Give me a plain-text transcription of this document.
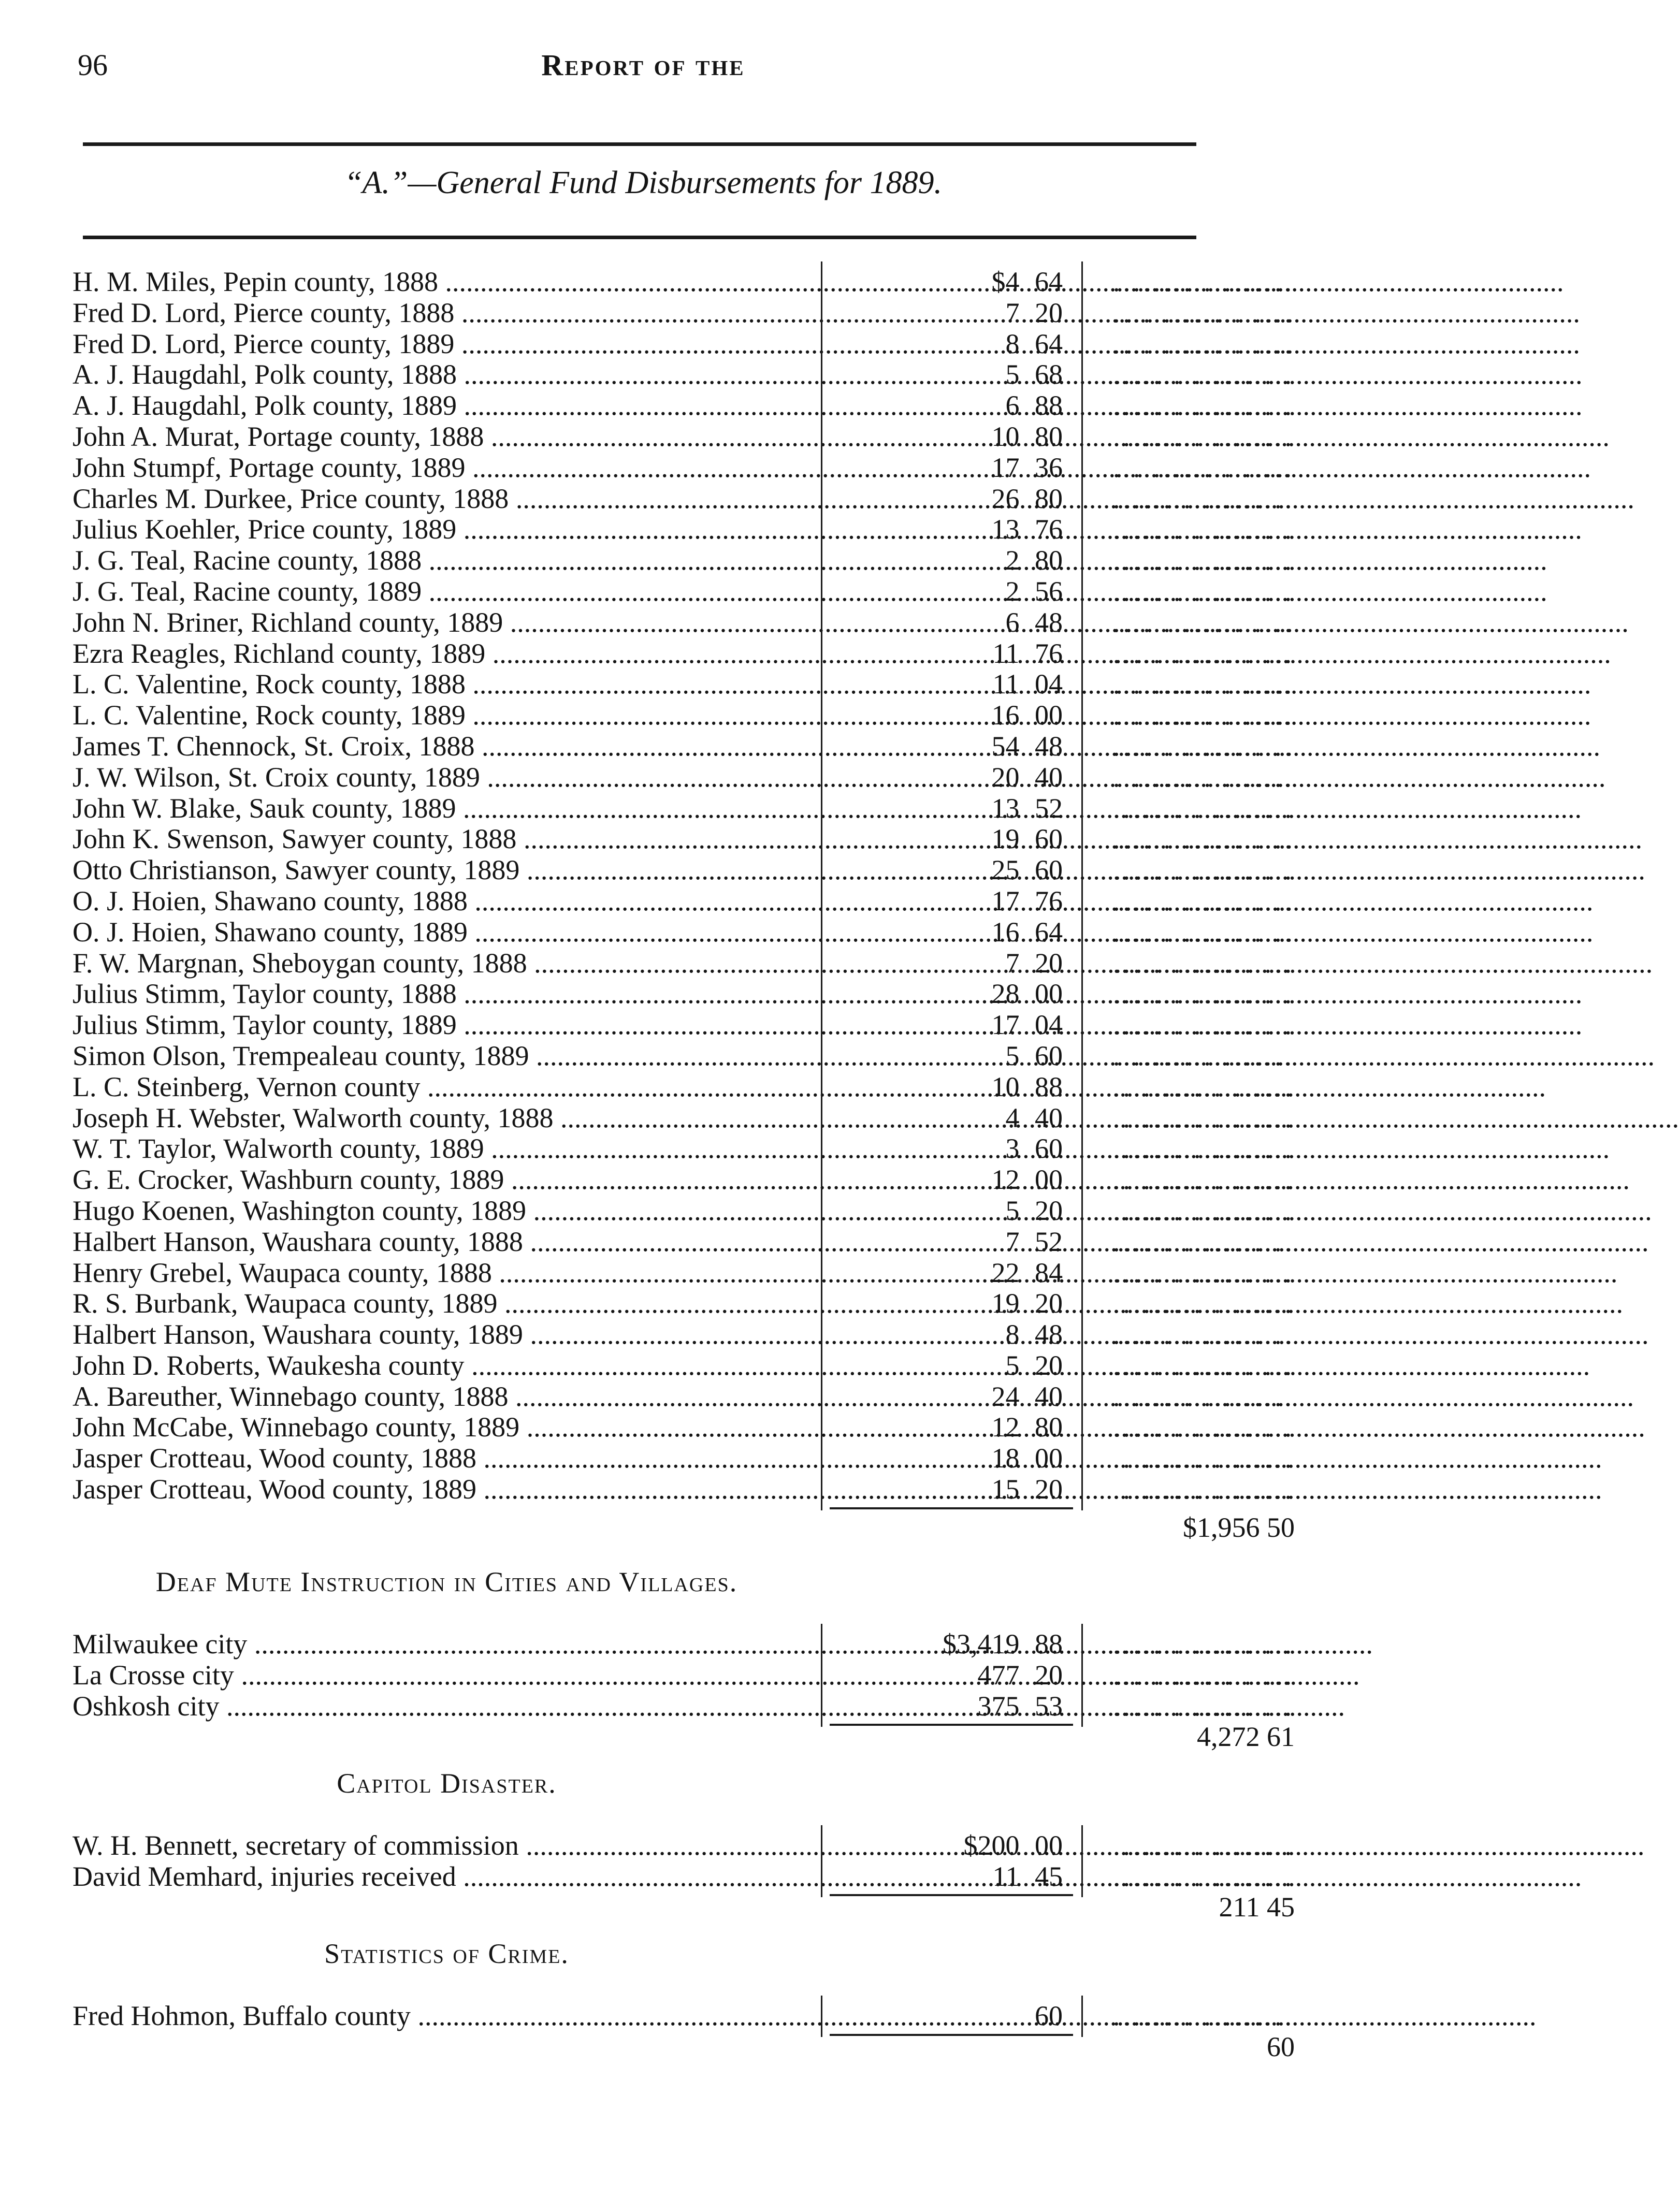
96	Report of the
“A.”—General Fund Disbursements for 1889.
H. M. Miles, Pepin county, 1888 .....	$4 64	..................
Fred D. Lord, Pierce county, 1888 .....	7 20	..................
Fred D. Lord, Pierce county, 1889 .....	8 64	..................
A. J. Haugdahl, Polk county, 1888 .....	5 68	..................
A. J. Haugdahl, Polk county, 1889 .....	6 88	..................
John A. Murat, Portage county, 1888 .....	10 80	..................
John Stumpf, Portage county, 1889 .....	17 36	..................
Charles M. Durkee, Price county, 1888 .....	26 80	..................
Julius Koehler, Price county, 1889 .....	13 76	..................
J. G. Teal, Racine county, 1888 .....	2 80	..................
J. G. Teal, Racine county, 1889 .....	2 56	..................
John N. Briner, Richland county, 1889 .....	6 48	..................
Ezra Reagles, Richland county, 1889 .....	11 76	..................
L. C. Valentine, Rock county, 1888 .....	11 04	..................
L. C. Valentine, Rock county, 1889 .....	16 00	..................
James T. Chennock, St. Croix, 1888 .....	54 48	..................
J. W. Wilson, St. Croix county, 1889 .....	20 40	..................
John W. Blake, Sauk county, 1889 .....	13 52	..................
John K. Swenson, Sawyer county, 1888 .....	19 60	..................
Otto Christianson, Sawyer county, 1889 .....	25 60	..................
O. J. Hoien, Shawano county, 1888 .....	17 76	..................
O. J. Hoien, Shawano county, 1889 .....	16 64	..................
F. W. Margnan, Sheboygan county, 1888 .....	7 20	..................
Julius Stimm, Taylor county, 1888 .....	28 00	..................
Julius Stimm, Taylor county, 1889 .....	17 04	..................
Simon Olson, Trempealeau county, 1889 .....	5 60	..................
L. C. Steinberg, Vernon county .....	10 88	..................
Joseph H. Webster, Walworth county, 1888 .....	4 40	..................
W. T. Taylor, Walworth county, 1889 .....	3 60	..................
G. E. Crocker, Washburn county, 1889 .....	12 00	..................
Hugo Koenen, Washington county, 1889 .....	5 20	..................
Halbert Hanson, Waushara county, 1888 .....	7 52	..................
Henry Grebel, Waupaca county, 1888 .....	22 84	..................
R. S. Burbank, Waupaca county, 1889 .....	19 20	..................
Halbert Hanson, Waushara county, 1889 .....	8 48	..................
John D. Roberts, Waukesha county .....	5 20	..................
A. Bareuther, Winnebago county, 1888 .....	24 40	..................
John McCabe, Winnebago county, 1889 .....	12 80	..................
Jasper Crotteau, Wood county, 1888 .....	18 00	..................
Jasper Crotteau, Wood county, 1889 .....	15 20	..................
$1,956 50
Deaf Mute Instruction in Cities and Villages.
Milwaukee city .....	$3,419 88	..................
La Crosse city .....	477 20	..................
Oshkosh city .....	375 53	..................
4,272 61
Capitol Disaster.
W. H. Bennett, secretary of commission .....	$200 00	..................
David Memhard, injuries received .....	11 45	..................
211 45
Statistics of Crime.
Fred Hohmon, Buffalo county .....	60	..................
60
